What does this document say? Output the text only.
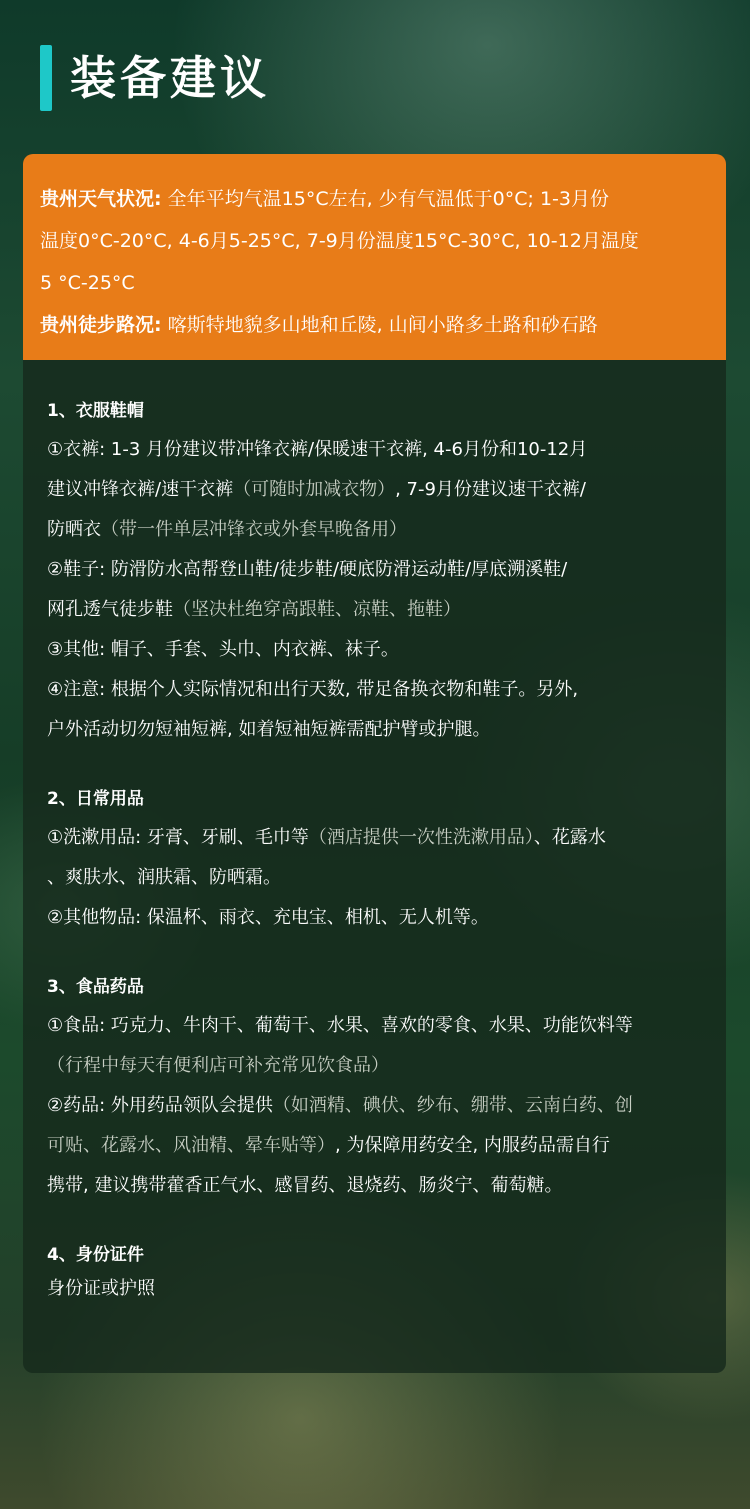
装备建议
贵州天气状况: 全年平均气温15°C左右, 少有气温低于0°C; 1-3月份
温度0°C-20°C, 4-6月5-25°C, 7-9月份温度15°C-30°C, 10-12月温度
5 °C-25°C
贵州徒步路况: 喀斯特地貌多山地和丘陵, 山间小路多土路和砂石路
1、衣服鞋帽
①衣裤: 1-3 月份建议带冲锋衣裤/保暖速干衣裤, 4-6月份和10-12月
建议冲锋衣裤/速干衣裤（可随时加减衣物）, 7-9月份建议速干衣裤/
防晒衣（带一件单层冲锋衣或外套早晚备用）
②鞋子: 防滑防水高帮登山鞋/徒步鞋/硬底防滑运动鞋/厚底溯溪鞋/
网孔透气徒步鞋（坚决杜绝穿高跟鞋、凉鞋、拖鞋）
③其他: 帽子、手套、头巾、内衣裤、袜子。
④注意: 根据个人实际情况和出行天数, 带足备换衣物和鞋子。另外,
户外活动切勿短袖短裤, 如着短袖短裤需配护臂或护腿。
2、日常用品
①洗漱用品: 牙膏、牙刷、毛巾等（酒店提供一次性洗漱用品）、花露水
、爽肤水、润肤霜、防晒霜。
②其他物品: 保温杯、雨衣、充电宝、相机、无人机等。
3、食品药品
①食品: 巧克力、牛肉干、葡萄干、水果、喜欢的零食、水果、功能饮料等
（行程中每天有便利店可补充常见饮食品）
②药品: 外用药品领队会提供（如酒精、碘伏、纱布、绷带、云南白药、创
可贴、花露水、风油精、晕车贴等）, 为保障用药安全, 内服药品需自行
携带, 建议携带藿香正气水、感冒药、退烧药、肠炎宁、葡萄糖。
4、身份证件
身份证或护照
